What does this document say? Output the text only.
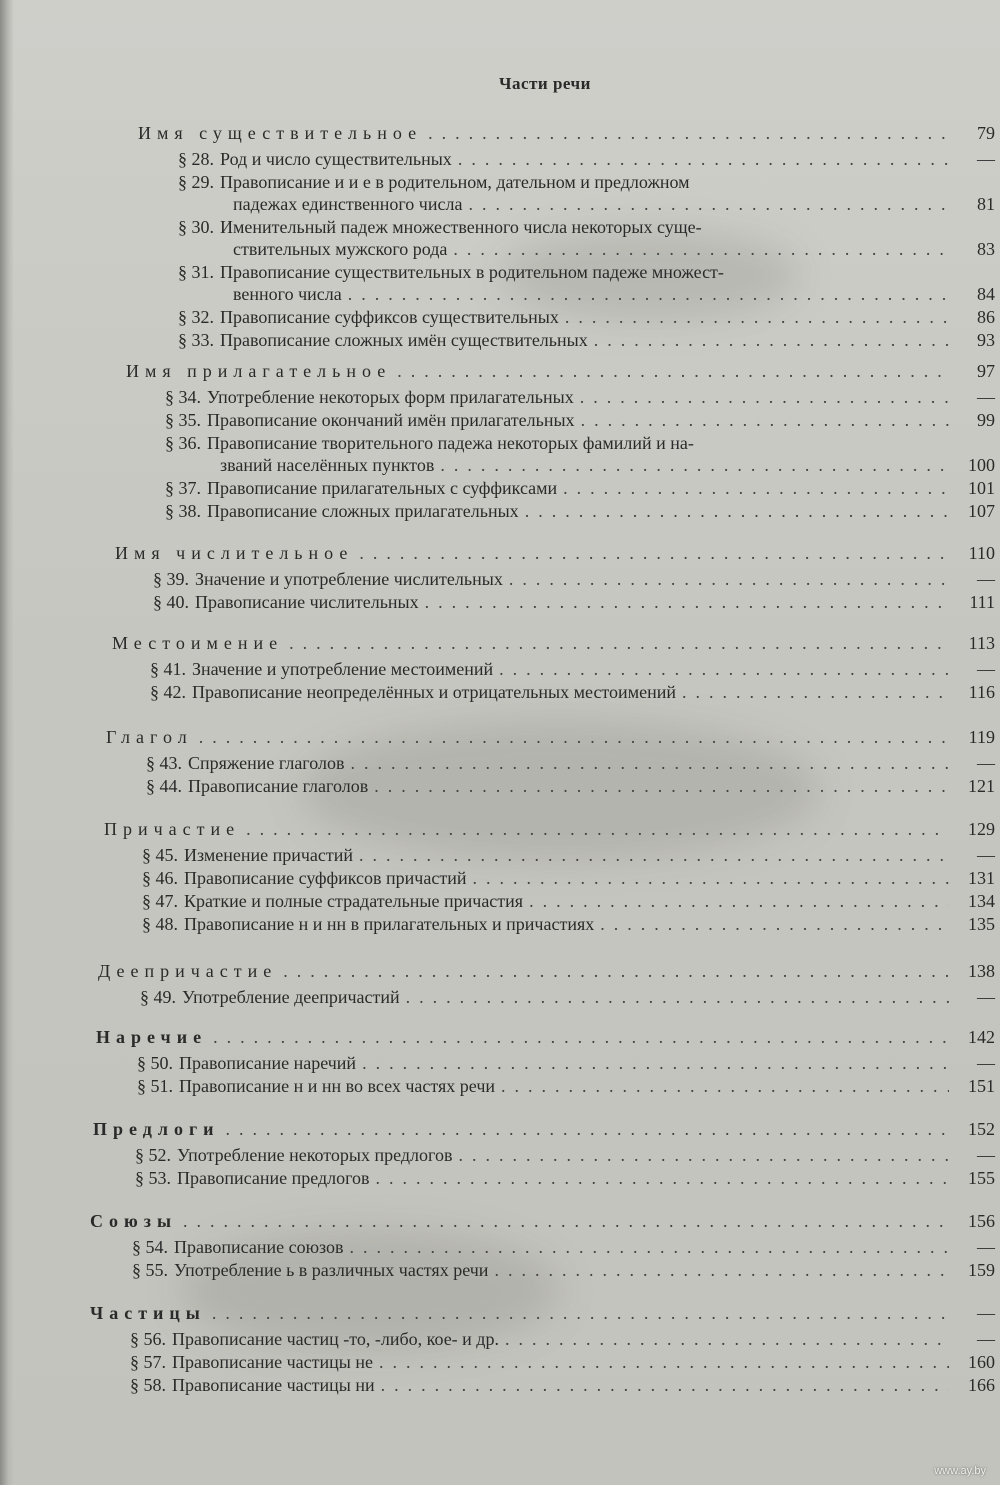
Части речи
Имя существительное .....	79
§ 28. Род и число существительных .....	—
§ 29. Правописание и и е в родительном, дательном и предложном
падежах единственного числа .....	81
§ 30. Именительный падеж множественного числа некоторых суще-
ствительных мужского рода .....	83
§ 31. Правописание существительных в родительном падеже множест-
венного числа .....	84
§ 32. Правописание суффиксов существительных .....	86
§ 33. Правописание сложных имён существительных .....	93
Имя прилагательное .....	97
§ 34. Употребление некоторых форм прилагательных .....	—
§ 35. Правописание окончаний имён прилагательных .....	99
§ 36. Правописание творительного падежа некоторых фамилий и на-
званий населённых пунктов .....	100
§ 37. Правописание прилагательных с суффиксами .....	101
§ 38. Правописание сложных прилагательных .....	107
Имя числительное .....	110
§ 39. Значение и употребление числительных .....	—
§ 40. Правописание числительных .....	111
Местоимение .....	113
§ 41. Значение и употребление местоимений .....	—
§ 42. Правописание неопределённых и отрицательных местоимений .....	116
Глагол .....	119
§ 43. Спряжение глаголов .....	—
§ 44. Правописание глаголов .....	121
Причастие .....	129
§ 45. Изменение причастий .....	—
§ 46. Правописание суффиксов причастий .....	131
§ 47. Краткие и полные страдательные причастия .....	134
§ 48. Правописание н и нн в прилагательных и причастиях .....	135
Деепричастие .....	138
§ 49. Употребление деепричастий .....	—
Наречие .....	142
§ 50. Правописание наречий .....	—
§ 51. Правописание н и нн во всех частях речи .....	151
Предлоги .....	152
§ 52. Употребление некоторых предлогов .....	—
§ 53. Правописание предлогов .....	155
Союзы .....	156
§ 54. Правописание союзов .....	—
§ 55. Употребление ь в различных частях речи .....	159
Частицы .....	—
§ 56. Правописание частиц -то, -либо, кое- и др. .....	—
§ 57. Правописание частицы не .....	160
§ 58. Правописание частицы ни .....	166
www.ay.by
